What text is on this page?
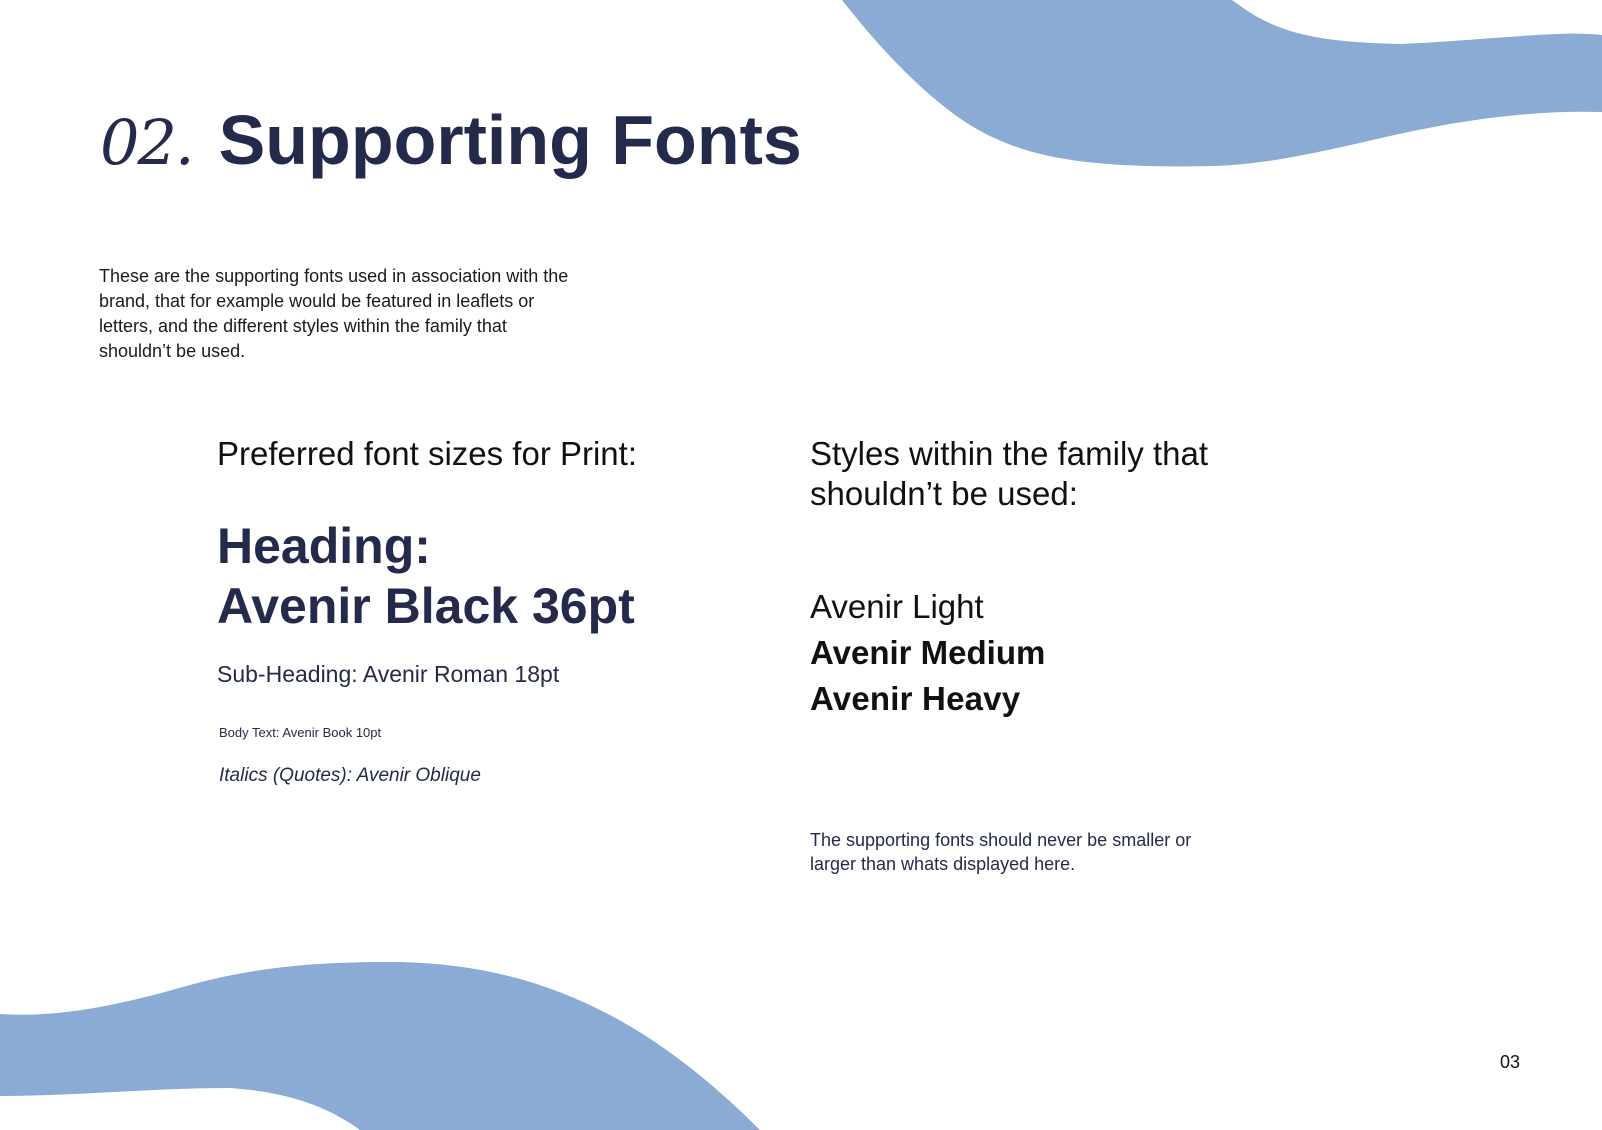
02. Supporting Fonts

These are the supporting fonts used in association with the brand, that for example would be featured in leaflets or letters, and the different styles within the family that shouldn’t be used.

Preferred font sizes for Print:
Heading:
Avenir Black 36pt
Sub-Heading: Avenir Roman 18pt
Body Text: Avenir Book 10pt
Italics (Quotes): Avenir Oblique
Styles within the family that shouldn’t be used:
Avenir Light
Avenir Medium
Avenir Heavy

The supporting fonts should never be smaller or larger than whats displayed here.

03
